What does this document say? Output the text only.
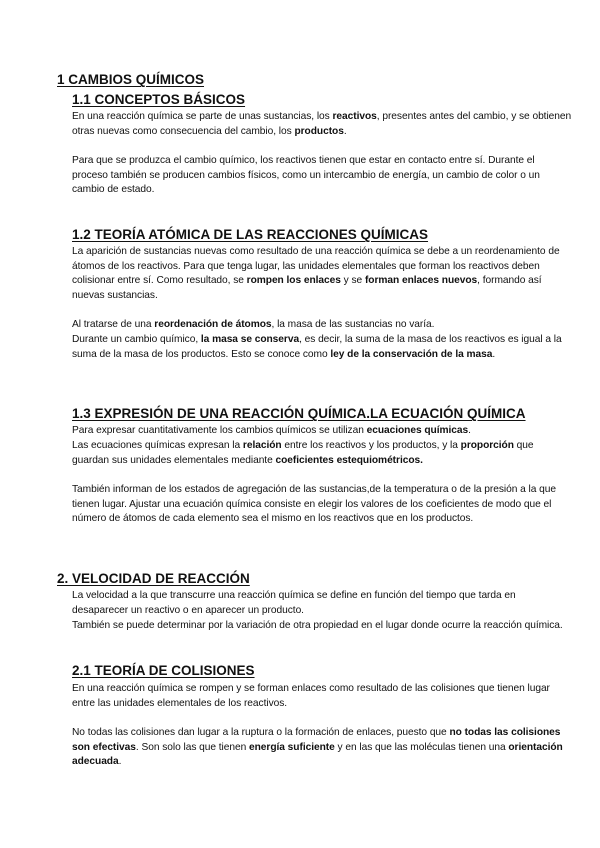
1 CAMBIOS QUÍMICOS
1.1 CONCEPTOS BÁSICOS

En una reacción química se parte de unas sustancias, los reactivos, presentes antes del cambio, y se obtienen otras nuevas como consecuencia del cambio, los productos.

Para que se produzca el cambio químico, los reactivos tienen que estar en contacto entre sí. Durante el proceso también se producen cambios físicos, como un intercambio de energía, un cambio de color o un cambio de estado.

1.2 TEORÍA ATÓMICA DE LAS REACCIONES QUÍMICAS

La aparición de sustancias nuevas como resultado de una reacción química se debe a un reordenamiento de átomos de los reactivos. Para que tenga lugar, las unidades elementales que forman los reactivos deben colisionar entre sí. Como resultado, se rompen los enlaces y se forman enlaces nuevos, formando así nuevas sustancias.

Al tratarse de una reordenación de átomos, la masa de las sustancias no varía.

Durante un cambio químico, la masa se conserva, es decir, la suma de la masa de los reactivos es igual a la suma de la masa de los productos. Esto se conoce como ley de la conservación de la masa.

1.3 EXPRESIÓN DE UNA REACCIÓN QUÍMICA.LA ECUACIÓN QUÍMICA

Para expresar cuantitativamente los cambios químicos se utilizan ecuaciones químicas.

Las ecuaciones químicas expresan la relación entre los reactivos y los productos, y la proporción que guardan sus unidades elementales mediante coeficientes estequiométricos.

También informan de los estados de agregación de las sustancias,de la temperatura o de la presión a la que tienen lugar. Ajustar una ecuación química consiste en elegir los valores de los coeficientes de modo que el número de átomos de cada elemento sea el mismo en los reactivos que en los productos.

2. VELOCIDAD DE REACCIÓN

La velocidad a la que transcurre una reacción química se define en función del tiempo que tarda en desaparecer un reactivo o en aparecer un producto.

También se puede determinar por la variación de otra propiedad en el lugar donde ocurre la reacción química.

2.1 TEORÍA DE COLISIONES

En una reacción química se rompen y se forman enlaces como resultado de las colisiones que tienen lugar entre las unidades elementales de los reactivos.

No todas las colisiones dan lugar a la ruptura o la formación de enlaces, puesto que no todas las colisiones son efectivas. Son solo las que tienen energía suficiente y en las que las moléculas tienen una orientación adecuada.
